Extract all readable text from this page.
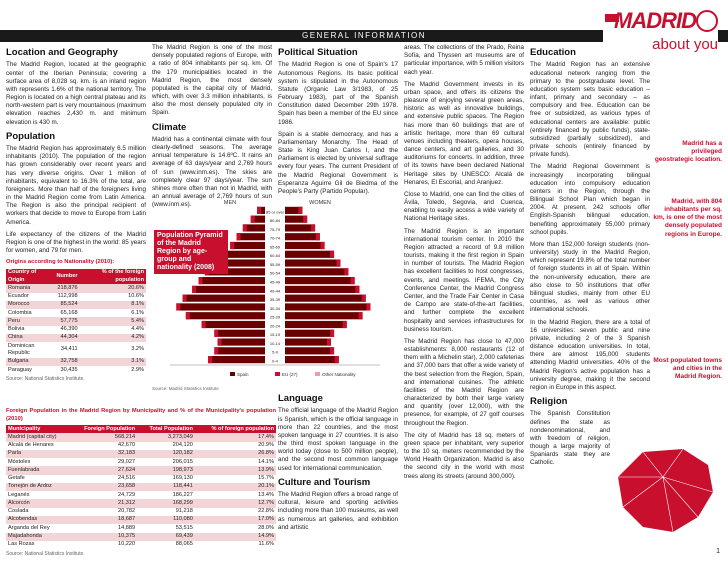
GENERAL INFORMATION
MADRID
about you
Location and Geography
The Madrid Region, located at the geographic center of the Iberian Peninsula; covering a surface area of 8,028 sq. km. is an inland region with represents 1.6% of the national territory. The Region is located on a high central plateau and its north-western part is very mountainous (maximum elevation reaches 2,430 m. and minimum elevation is 430 m.
Population
The Madrid Region has approximately 6.5 million inhabitants (2010). The population of the region has grown considerably over recent years and has very diverse origins. Over 1 million of inhabitants, equivalent to 16.3% of the total, are foreigners. More than half of the foreigners living in the Madrid Region come from Latin America. The Region is also the principal recipient of workers that decide to move to Europe from Latin America.
Life expectancy of the citizens of the Madrid Region is one of the highest in the world: 85 years for women, and 79 for men.
Origins according to Nationality (2010):
Country of Origin	Number	% of the foreign population
Romania	218,876	20.6%
Ecuador	112,998	10.6%
Morocco	85,524	8.1%
Colombia	65,168	6.1%
Peru	57,775	5.4%
Bolivia	46,390	4.4%
China	44,304	4.2%
Dominican Republic	34,411	3.2%
Bulgaria	32,758	3.1%
Paraguay	30,435	2.9%
Source: National Statistics Institute.
Foreign Population in the Madrid Region by Municipality and % of the Municipality's population (2010)
Municipality	Foreign Population	Total Population	% of foreign population
Madrid (capital city)	568,214	3,273,049	17.4%
Alcalá de Henares	42,670	204,120	20.9%
Parla	32,183	120,182	26.8%
Móstoles	29,027	206,015	14.1%
Fuenlabrada	27,624	198,973	13.9%
Getafe	24,516	169,130	15.7%
Torrejón de Ardoz	23,658	118,441	20.1%
Leganés	24,729	186,227	13.4%
Alcorcón	21,312	168,299	12.7%
Coslada	20,782	91,218	22.8%
Alcobendas	18,687	110,080	17.0%
Arganda del Rey	14,889	53,515	28.0%
Majadahonda	10,375	69,439	14.9%
Las Rozas	10,220	88,065	11.6%
Source: National Statistics Institute.
The Madrid Region is one of the most densely populated regions of Europe, with a ratio of 804 inhabitants per sq. km. Of the 179 municipalities located in the Madrid Region, the most densely populated is the capital city of Madrid, which, with over 3.3 million inhabitants, is also the most densely populated city in Spain.
Climate
Madrid has a continental climate with four clearly-defined seasons. The average annual temperature is 14.6ºC. It rains an average of 63 days/year and 2,769 hours of sun (www.inm.es). The skies are completely clear 97 days/year. The sun shines more often than not in Madrid, with an annual average of 2,769 hours of sun (www.inm.es).	MEN	WOMEN
85 or over
80-84
75-79
70-74
65-69
60-64
55-59
50-54
45-49
40-44
35-39
30-34
25-29
20-24
15-19
10-14
5-9
0-4
Spain	EU (27)	Other Nationality
Source: Madrid Statistics Institute
Population Pyramid of the Madrid Region by age-group and nationality (2008)
Political Situation
The Madrid Region is one of Spain's 17 Autonomous Regions. Its basic political system is stipulated in the Autonomous Statute (Organic Law 3/1983, of 25 February 1983), part of the Spanish Constitution dated December 29th 1978. Spain has been a member of the EU since 1986.
Spain is a stable democracy, and has a Parliamentary Monarchy. The Head of State is King Juan Carlos I, and the Parliament is elected by universal suffrage every four years. The current President of the Madrid Regional Government is Esperanza Aguirre Gil de Biedma of the People's Party (Partido Popular).
Language
The official language of the Madrid Region is Spanish, which is the official language in more than 22 countries, and the most spoken language in 27 countries. It is also the third most spoken language in the world today (close to 500 million people), and the second most common language used for international communication.
Culture and Tourism
The Madrid Region offers a broad range of cultural, leisure and sporting activities including more than 100 museums, as well as numerous art galleries, and exhibition and artistic
areas. The collections of the Prado, Reina Sofía, and Thyssen art museums are of particular importance, with 5 million visitors each year.
The Madrid Government invests in its urban space, and offers its citizens the pleasure of enjoying several green areas, historic as well as innovative buildings, and extensive public spaces. The Region has more than 60 buildings that are of artistic heritage, more than 69 cultural venues including theaters, opera houses, dance centers, and art galleries, and 30 auditoriums for concerts. In addition, three of its towns have been declared National Heritage sites by UNESCO: Alcalá de Henares, El Escorial, and Aranjuez.
Close to Madrid, one can find the cities of Ávila, Toledo, Segovia, and Cuenca, enabling to easily access a wide variety of National Heritage sites.
The Madrid Region is an important international tourism center. In 2010 the Region attracted a record of 9.8 million tourists, making it the first region in Spain in number of tourists. The Madrid Region has excellent facilities to host congresses, events, and meetings. IFEMA, the City Conference Center, the Madrid Congress Center, and the Trade Fair Center in Casa de Campo are state-of-the-art facilities, and further complete the excellent hospitality and services infrastructures for business tourism.
The Madrid Region has close to 47,000 establishments: 8,000 restaurants (12 of them with a Michelin star), 2,000 cafeterias and 37,000 bars that offer a wide variety of the best selection from the Region, Spain, and international cuisines. The athletic facilities of the Madrid Region are characterized by both their large variety and quantity (over 12,000), with the presence, for example, of 27 golf courses throughout the Region.
The city of Madrid has 18 sq. meters of green space per inhabitant, very superior to the 10 sq. meters recommended by the World Health Organization. Madrid is also the second city in the world with most trees along its streets (around 300,000).
Education
The Madrid Region has an extensive educational network ranging from the primary to the postgraduate level. The education system sets basic education – infant, primary and secondary – as compulsory and free. Education can be free or subsidized, as various types of educational centers are available: public (entirely financed by public funds), state-subsidized (partially subsidized), and private schools (entirely financed by private funds).
The Madrid Regional Government is increasingly incorporating bilingual education into compulsory education centers in the Region, through the Bilingual School Plan which began in 2004. At present, 242 schools offer English-Spanish bilingual education, benefiting approximately 55,000 primary school pupils.
More than 152,000 foreign students (non-university) study in the Madrid Region, which represent 19.8% of the total number of foreign students in all of Spain. Within the non-university education, there are also close to 50 institutions that offer bilingual studies, mainly from other EU countries, as well as various other international schools.
In the Madrid Region, there are a total of 16 universities: seven public and nine private, including 2 of the 3 Spanish distance education universities. In total, there are almost 195,000 students attending Madrid universities. 40% of the Madrid Region's active population has a university degree, making it the second region in Europe in this aspect.
Religion
The Spanish Constitution defines the state as nondenominational, and with freedom of religion, though a large majority of Spaniards state they are Catholic.
Madrid has a privileged geostrategic location.
Madrid, with 804 inhabitants per sq. km, is one of the most densely populated regions in Europe.
Most populated towns and cities in the Madrid Region.
1
